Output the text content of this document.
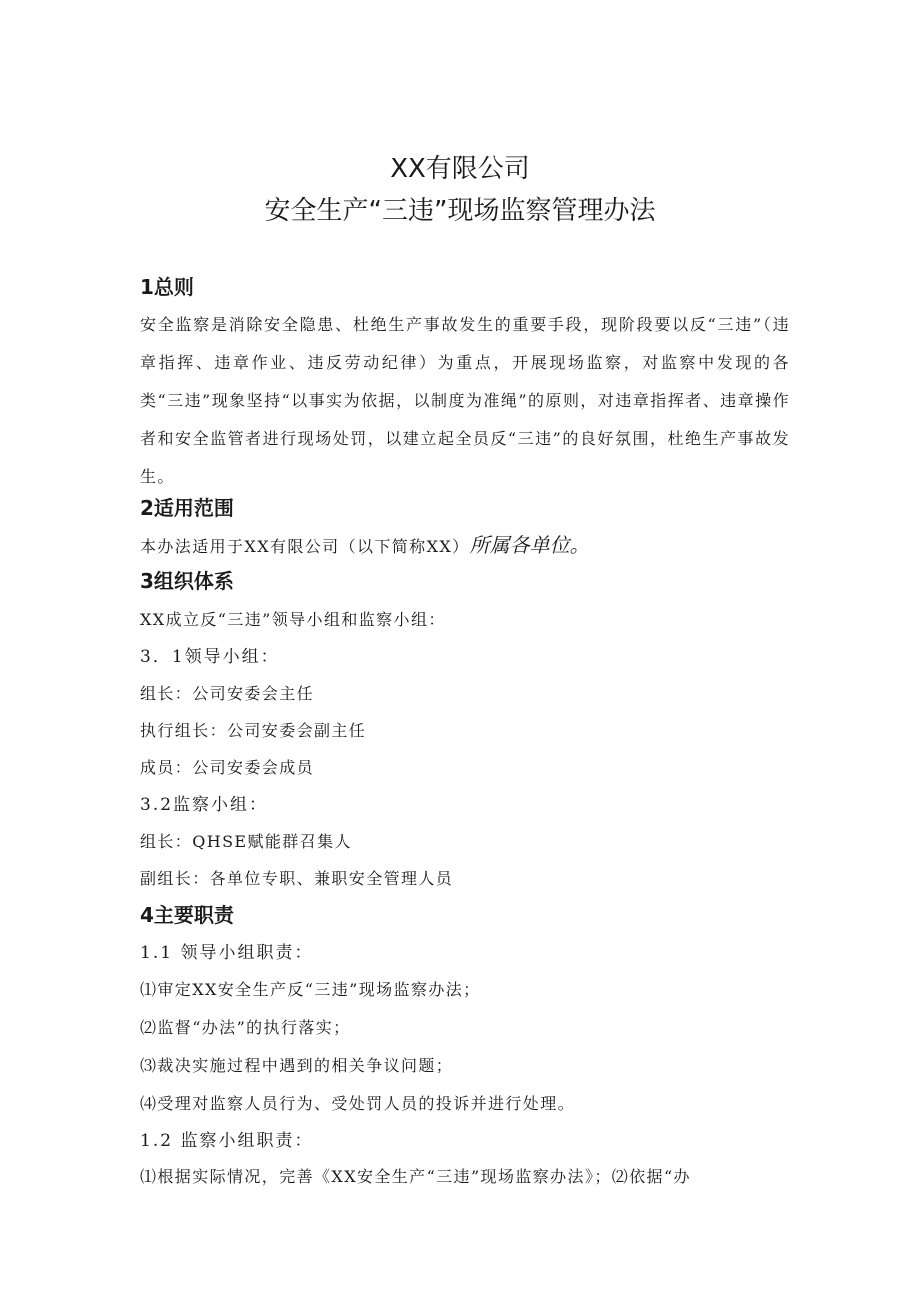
XX有限公司
安全生产“三违”现场监察管理办法
1总则

安全监察是消除安全隐患、杜绝生产事故发生的重要手段，现阶段要以反“三违”（违章指挥、违章作业、违反劳动纪律）为重点，开展现场监察，对监察中发现的各类“三违”现象坚持“以事实为依据，以制度为准绳”的原则，对违章指挥者、违章操作者和安全监管者进行现场处罚，以建立起全员反“三违”的良好氛围，杜绝生产事故发生。

2适用范围
本办法适用于XX有限公司（以下简称XX）所属各单位。
3组织体系
XX成立反“三违”领导小组和监察小组：
3．1领导小组：
组长：公司安委会主任
执行组长：公司安委会副主任
成员：公司安委会成员
3.2监察小组：
组长：QHSE赋能群召集人
副组长：各单位专职、兼职安全管理人员
4主要职责
1.1 领导小组职责：
⑴审定XX安全生产反“三违”现场监察办法；
⑵监督“办法”的执行落实；
⑶裁决实施过程中遇到的相关争议问题；
⑷受理对监察人员行为、受处罚人员的投诉并进行处理。
1.2 监察小组职责：
⑴根据实际情况，完善《XX安全生产“三违”现场监察办法》；⑵依据“办
